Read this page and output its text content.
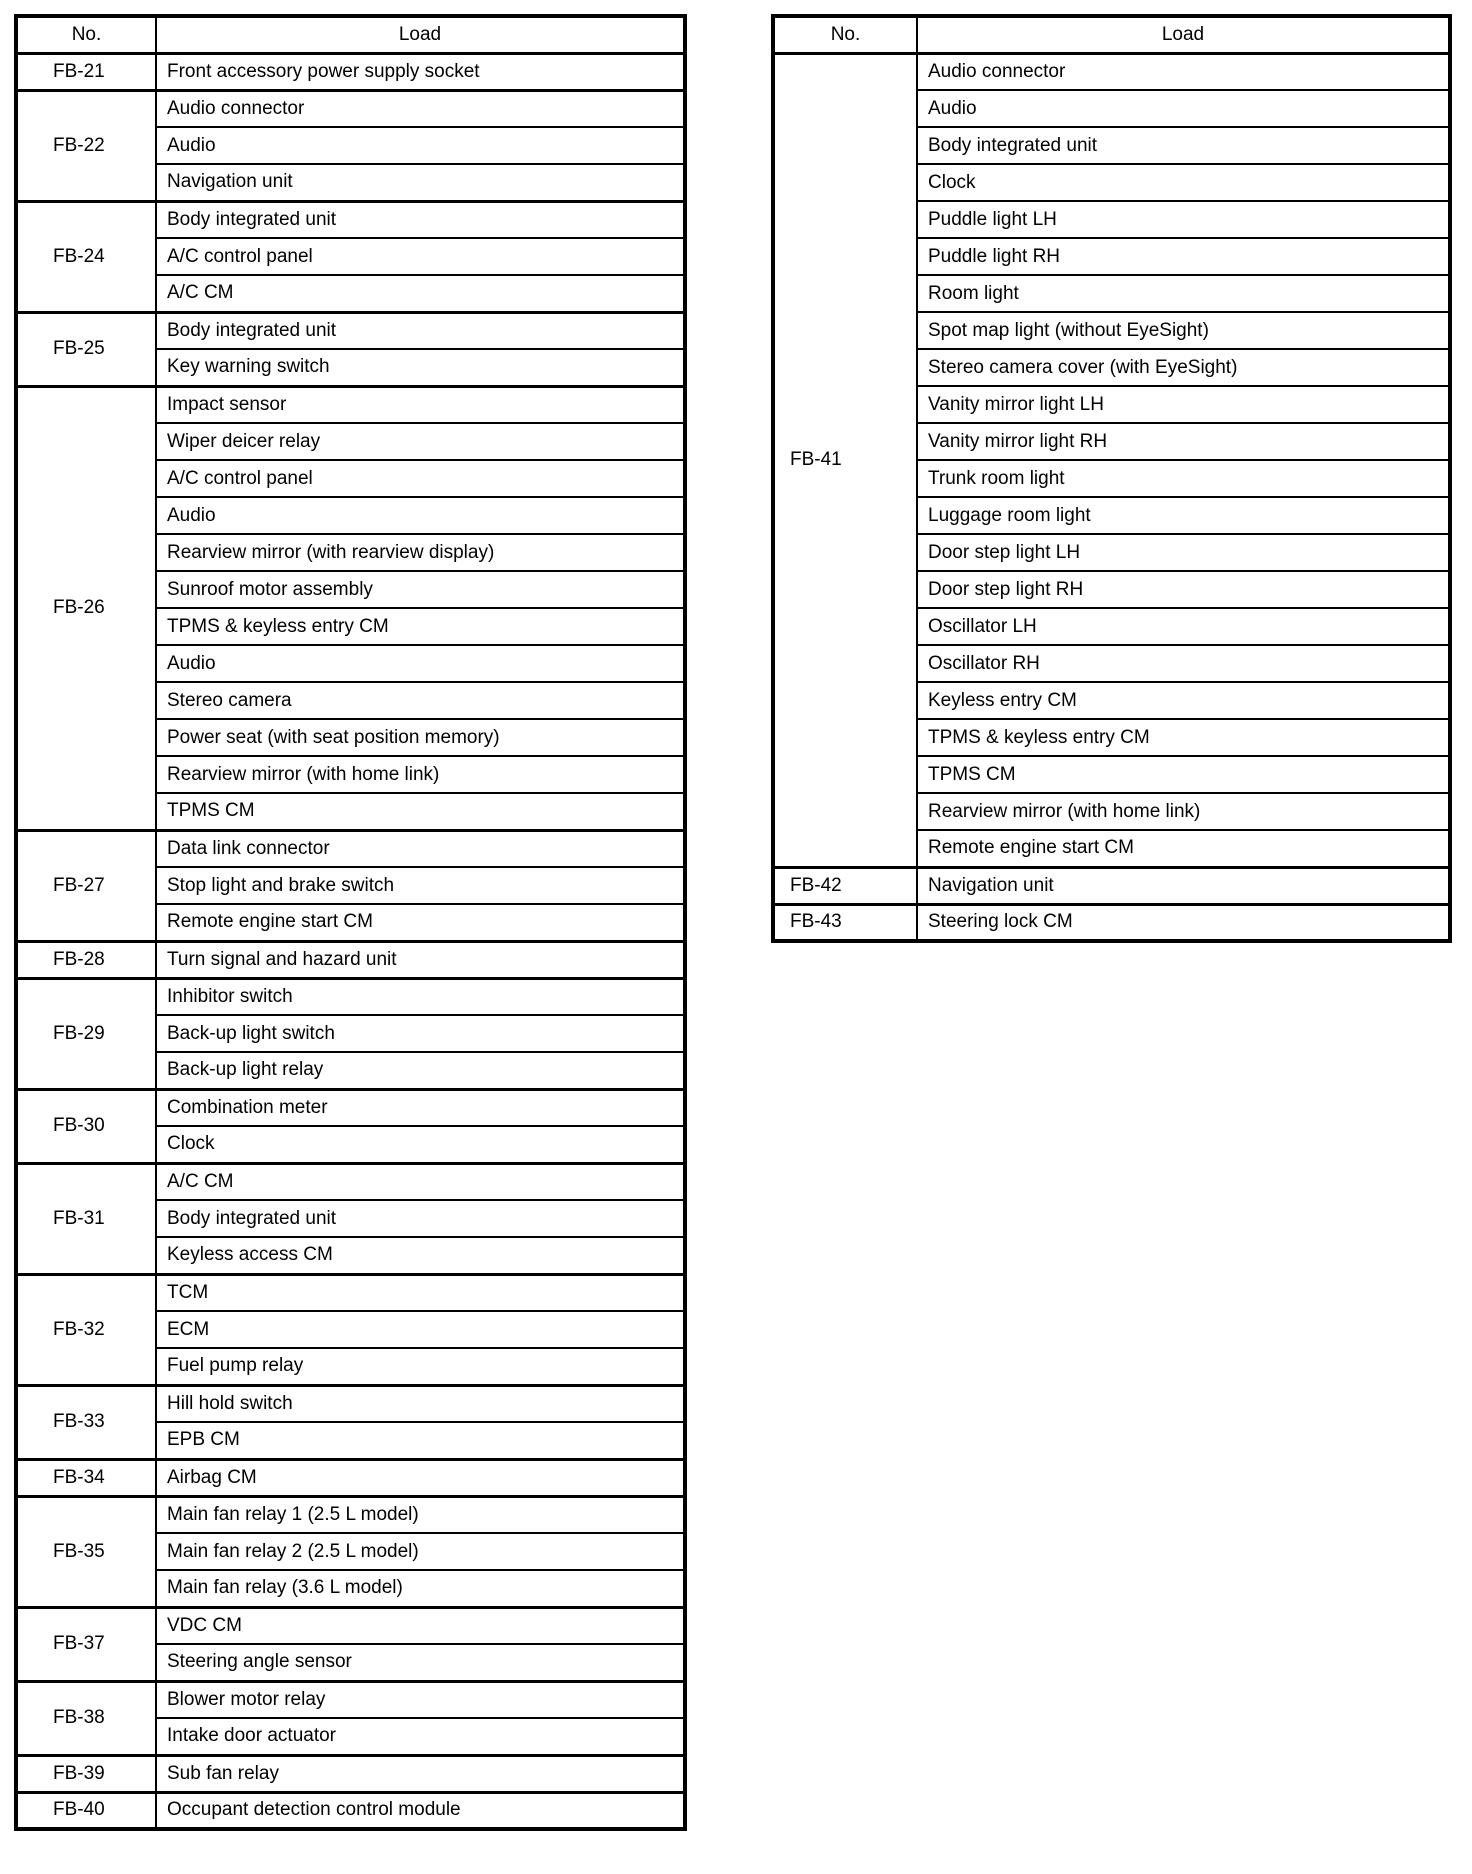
No.	Load
FB-21	Front accessory power supply socket
FB-22	Audio connector
	Audio
	Navigation unit
FB-24	Body integrated unit
	A/C control panel
	A/C CM
FB-25	Body integrated unit
	Key warning switch
FB-26	Impact sensor
	Wiper deicer relay
	A/C control panel
	Audio
	Rearview mirror (with rearview display)
	Sunroof motor assembly
	TPMS & keyless entry CM
	Audio
	Stereo camera
	Power seat (with seat position memory)
	Rearview mirror (with home link)
	TPMS CM
FB-27	Data link connector
	Stop light and brake switch
	Remote engine start CM
FB-28	Turn signal and hazard unit
FB-29	Inhibitor switch
	Back-up light switch
	Back-up light relay
FB-30	Combination meter
	Clock
FB-31	A/C CM
	Body integrated unit
	Keyless access CM
FB-32	TCM
	ECM
	Fuel pump relay
FB-33	Hill hold switch
	EPB CM
FB-34	Airbag CM
FB-35	Main fan relay 1 (2.5 L model)
	Main fan relay 2 (2.5 L model)
	Main fan relay (3.6 L model)
FB-37	VDC CM
	Steering angle sensor
FB-38	Blower motor relay
	Intake door actuator
FB-39	Sub fan relay
FB-40	Occupant detection control module
No.	Load
FB-41	Audio connector
	Audio
	Body integrated unit
	Clock
	Puddle light LH
	Puddle light RH
	Room light
	Spot map light (without EyeSight)
	Stereo camera cover (with EyeSight)
	Vanity mirror light LH
	Vanity mirror light RH
	Trunk room light
	Luggage room light
	Door step light LH
	Door step light RH
	Oscillator LH
	Oscillator RH
	Keyless entry CM
	TPMS & keyless entry CM
	TPMS CM
	Rearview mirror (with home link)
	Remote engine start CM
FB-42	Navigation unit
FB-43	Steering lock CM
